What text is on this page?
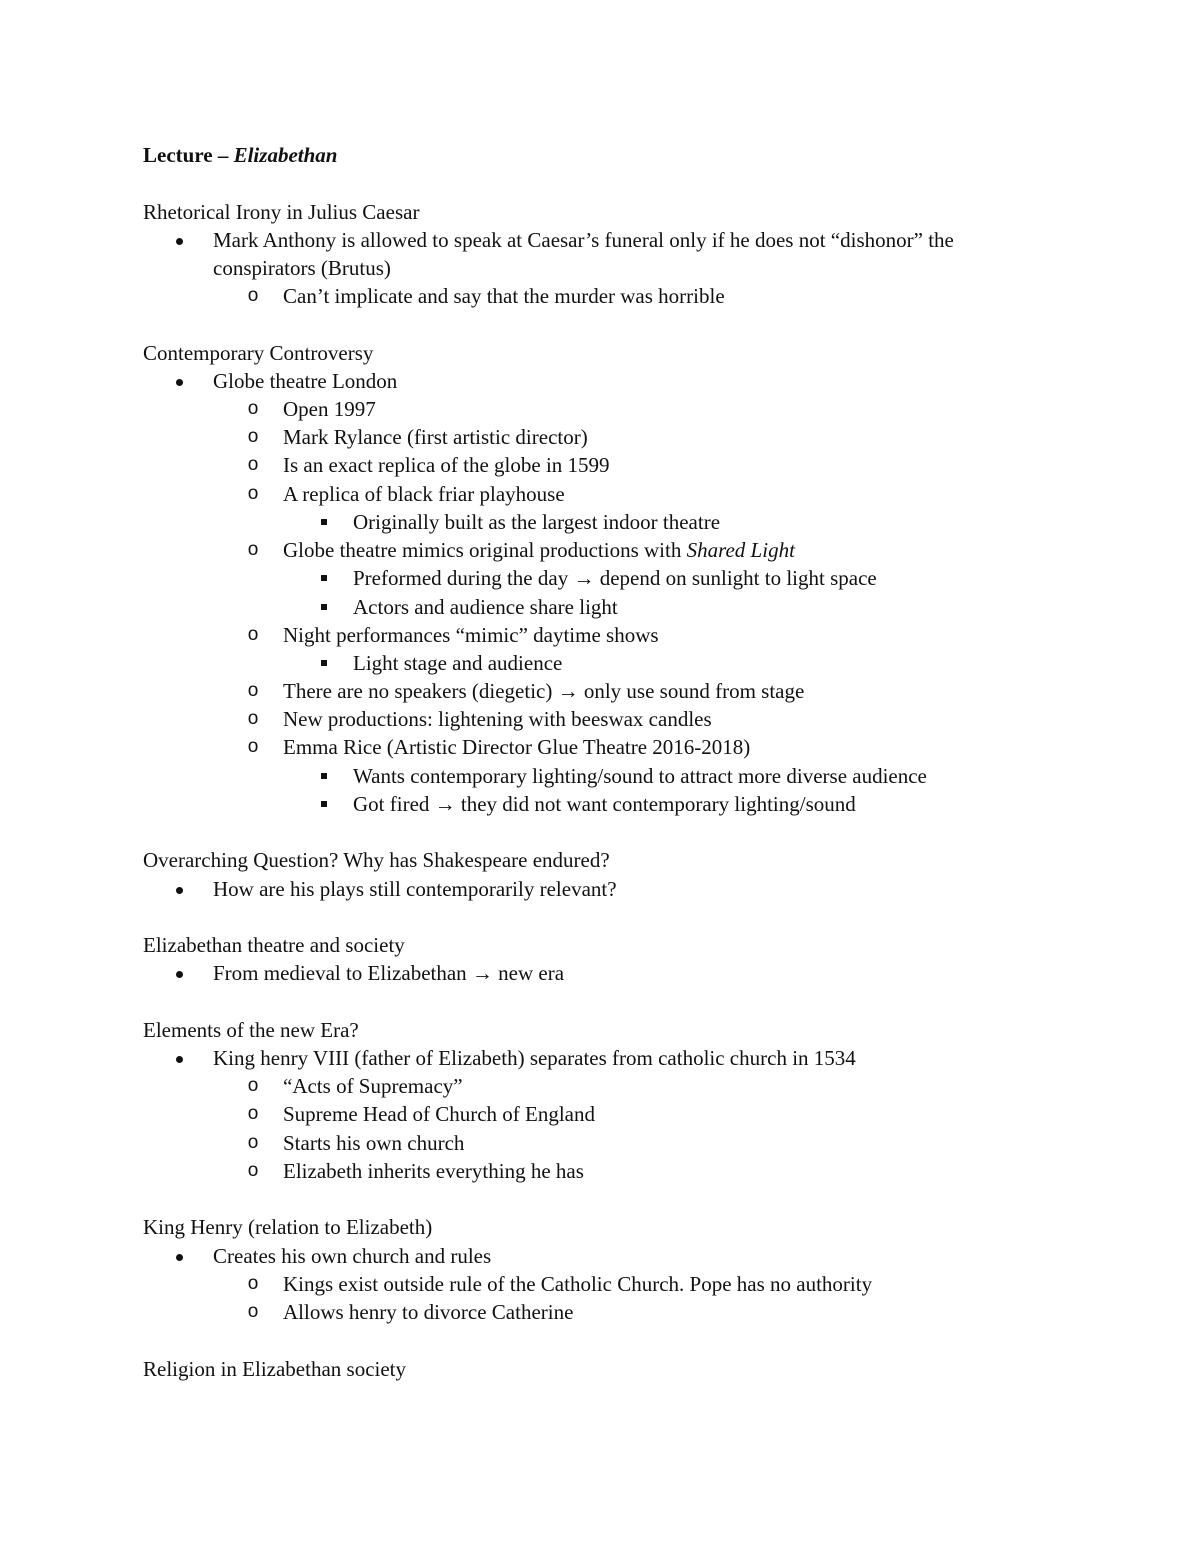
Lecture – Elizabethan
Rhetorical Irony in Julius Caesar
Mark Anthony is allowed to speak at Caesar’s funeral only if he does not “dishonor” the
conspirators (Brutus)
o Can’t implicate and say that the murder was horrible
Contemporary Controversy
Globe theatre London
o Open 1997
o Mark Rylance (first artistic director)
o Is an exact replica of the globe in 1599
o A replica of black friar playhouse
Originally built as the largest indoor theatre
o Globe theatre mimics original productions with Shared Light
Preformed during the day → depend on sunlight to light space
Actors and audience share light
o Night performances “mimic” daytime shows
Light stage and audience
o There are no speakers (diegetic) → only use sound from stage
o New productions: lightening with beeswax candles
o Emma Rice (Artistic Director Glue Theatre 2016-2018)
Wants contemporary lighting/sound to attract more diverse audience
Got fired → they did not want contemporary lighting/sound
Overarching Question? Why has Shakespeare endured?
How are his plays still contemporarily relevant?
Elizabethan theatre and society
From medieval to Elizabethan → new era
Elements of the new Era?
King henry VIII (father of Elizabeth) separates from catholic church in 1534
o “Acts of Supremacy”
o Supreme Head of Church of England
o Starts his own church
o Elizabeth inherits everything he has
King Henry (relation to Elizabeth)
Creates his own church and rules
o Kings exist outside rule of the Catholic Church. Pope has no authority
o Allows henry to divorce Catherine
Religion in Elizabethan society
